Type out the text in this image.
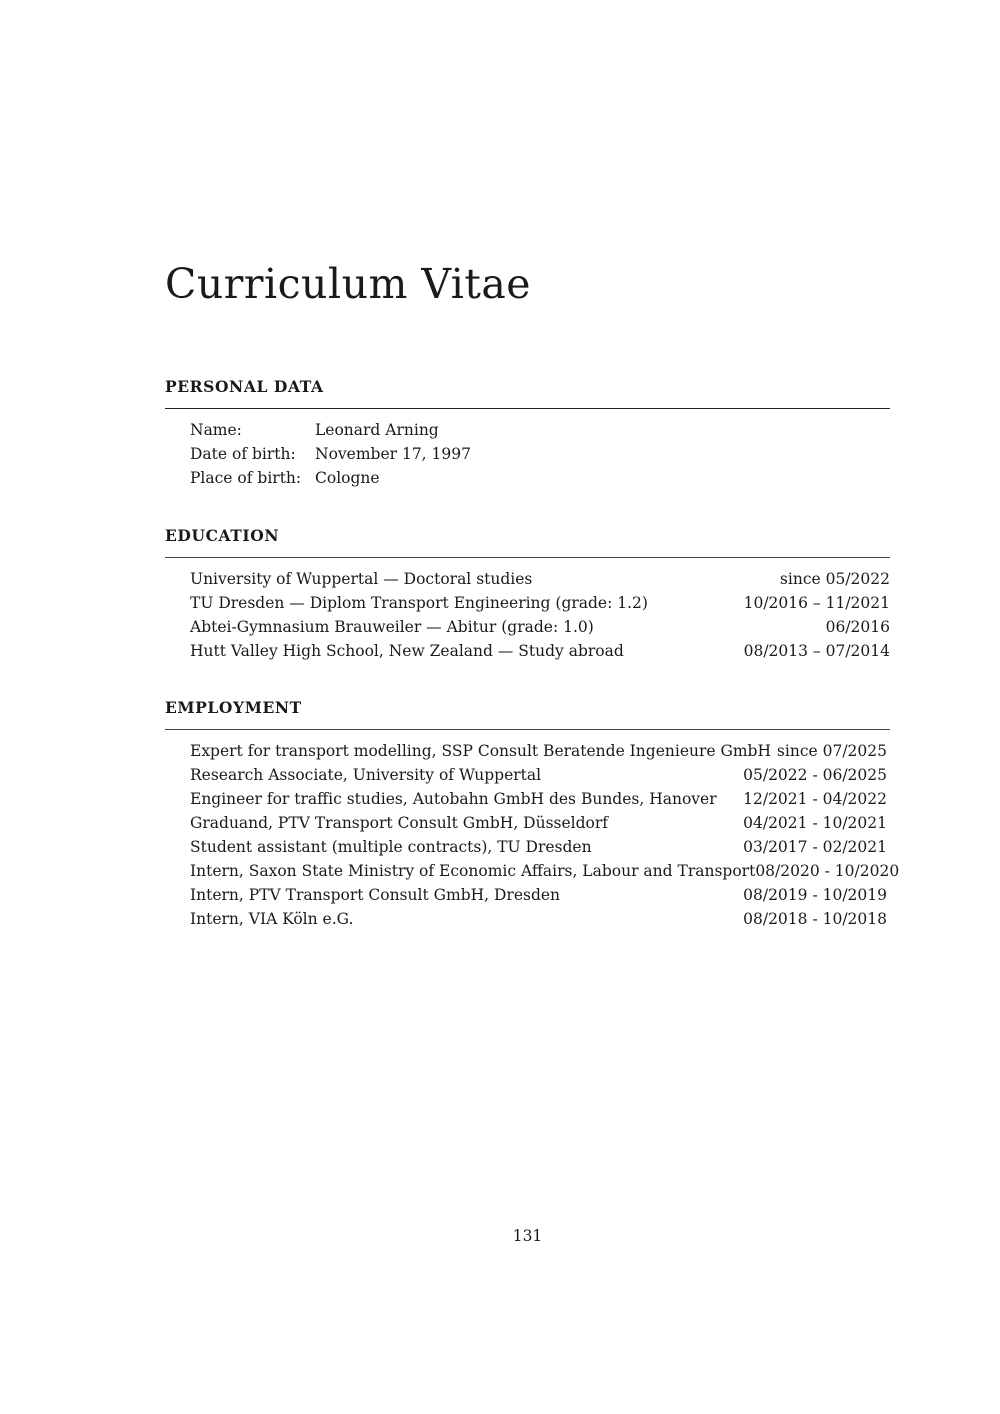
Curriculum Vitae
PERSONAL DATA
Name:	Leonard Arning
Date of birth:	November 17, 1997
Place of birth: Cologne
EDUCATION
University of Wuppertal — Doctoral studies	since 05/2022
TU Dresden — Diplom Transport Engineering (grade: 1.2)	10/2016 – 11/2021
Abtei-Gymnasium Brauweiler — Abitur (grade: 1.0)	06/2016
Hutt Valley High School, New Zealand — Study abroad	08/2013 – 07/2014
EMPLOYMENT
Expert for transport modelling, SSP Consult Beratende Ingenieure GmbH since 07/2025
Research Associate, University of Wuppertal	05/2022 - 06/2025
Engineer for traffic studies, Autobahn GmbH des Bundes, Hanover 12/2021 - 04/2022
Graduand, PTV Transport Consult GmbH, Düsseldorf	04/2021 - 10/2021
Student assistant (multiple contracts), TU Dresden	03/2017 - 02/2021
Intern, Saxon State Ministry of Economic Affairs, Labour and Transport 08/2020 - 10/2020
Intern, PTV Transport Consult GmbH, Dresden	08/2019 - 10/2019
Intern, VIA Köln e.G.	08/2018 - 10/2018
131
